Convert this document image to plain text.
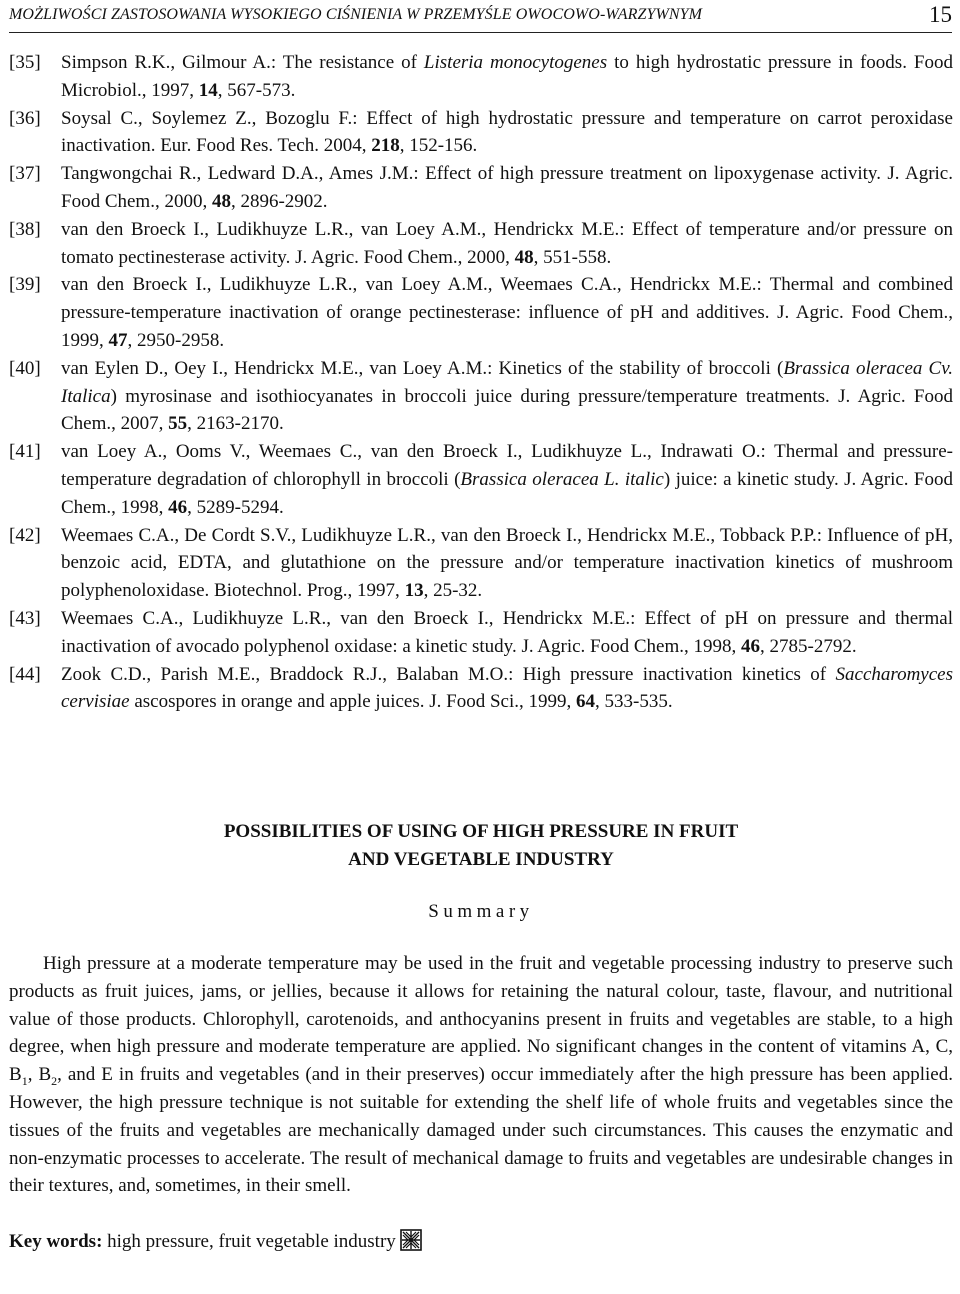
MOŻLIWOŚCI ZASTOSOWANIA WYSOKIEGO CIŚNIENIA W PRZEMYŚLE OWOCOWO-WARZYWNYM	15
[35] Simpson R.K., Gilmour A.: The resistance of Listeria monocytogenes to high hydrostatic pressure in foods. Food Microbiol., 1997, 14, 567-573.
[36] Soysal C., Soylemez Z., Bozoglu F.: Effect of high hydrostatic pressure and temperature on carrot peroxidase inactivation. Eur. Food Res. Tech. 2004, 218, 152-156.
[37] Tangwongchai R., Ledward D.A., Ames J.M.: Effect of high pressure treatment on lipoxygenase activity. J. Agric. Food Chem., 2000, 48, 2896-2902.
[38] van den Broeck I., Ludikhuyze L.R., van Loey A.M., Hendrickx M.E.: Effect of temperature and/or pressure on tomato pectinesterase activity. J. Agric. Food Chem., 2000, 48, 551-558.
[39] van den Broeck I., Ludikhuyze L.R., van Loey A.M., Weemaes C.A., Hendrickx M.E.: Thermal and combined pressure-temperature inactivation of orange pectinesterase: influence of pH and additives. J. Agric. Food Chem., 1999, 47, 2950-2958.
[40] van Eylen D., Oey I., Hendrickx M.E., van Loey A.M.: Kinetics of the stability of broccoli (Brassica oleracea Cv. Italica) myrosinase and isothiocyanates in broccoli juice during pressure/temperature treatments. J. Agric. Food Chem., 2007, 55, 2163-2170.
[41] van Loey A., Ooms V., Weemaes C., van den Broeck I., Ludikhuyze L., Indrawati O.: Thermal and pressure-temperature degradation of chlorophyll in broccoli (Brassica oleracea L. italic) juice: a kinetic study. J. Agric. Food Chem., 1998, 46, 5289-5294.
[42] Weemaes C.A., De Cordt S.V., Ludikhuyze L.R., van den Broeck I., Hendrickx M.E., Tobback P.P.: Influence of pH, benzoic acid, EDTA, and glutathione on the pressure and/or temperature inactivation kinetics of mushroom polyphenoloxidase. Biotechnol. Prog., 1997, 13, 25-32.
[43] Weemaes C.A., Ludikhuyze L.R., van den Broeck I., Hendrickx M.E.: Effect of pH on pressure and thermal inactivation of avocado polyphenol oxidase: a kinetic study. J. Agric. Food Chem., 1998, 46, 2785-2792.
[44] Zook C.D., Parish M.E., Braddock R.J., Balaban M.O.: High pressure inactivation kinetics of Saccharomyces cervisiae ascospores in orange and apple juices. J. Food Sci., 1999, 64, 533-535.

POSSIBILITIES OF USING OF HIGH PRESSURE IN FRUIT
AND VEGETABLE INDUSTRY

Summary

High pressure at a moderate temperature may be used in the fruit and vegetable processing industry to preserve such products as fruit juices, jams, or jellies, because it allows for retaining the natural colour, taste, flavour, and nutritional value of those products. Chlorophyll, carotenoids, and anthocyanins present in fruits and vegetables are stable, to a high degree, when high pressure and moderate temperature are applied. No significant changes in the content of vitamins A, C, $B_1$, $B_2$, and E in fruits and vegetables (and in their preserves) occur immediately after the high pressure has been applied. However, the high pressure technique is not suitable for extending the shelf life of whole fruits and vegetables since the tissues of the fruits and vegetables are mechanically damaged under such circumstances. This causes the enzymatic and non-enzymatic processes to accelerate. The result of mechanical damage to fruits and vegetables are undesirable changes in their textures, and, sometimes, in their smell.

Key words: high pressure, fruit vegetable industry
